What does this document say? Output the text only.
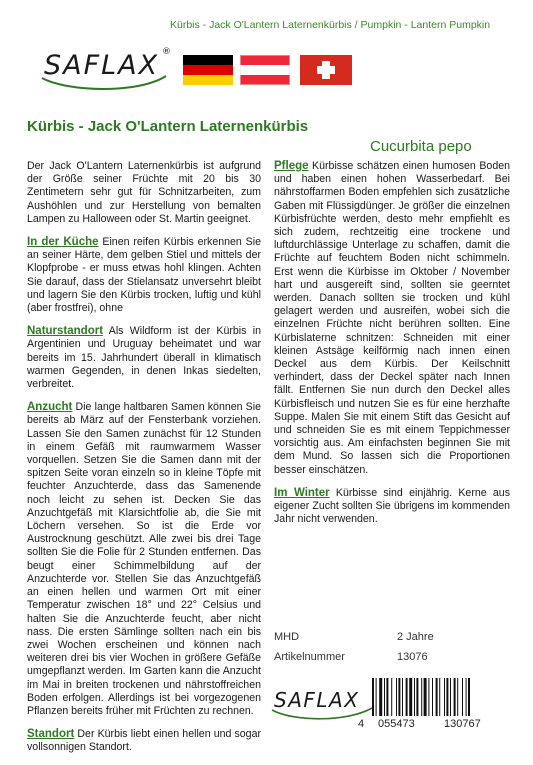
Kürbis - Jack O'Lantern Laternenkürbis / Pumpkin - Lantern Pumpkin
SAFLAX ®
Kürbis - Jack O'Lantern Laternenkürbis
Cucurbita pepo

Der Jack O'Lantern Laternenkürbis ist aufgrund der Größe seiner Früchte mit 20 bis 30 Zentimetern sehr gut für Schnitzarbeiten, zum Aushöhlen und zur Herstellung von bemalten Lampen zu Halloween oder St. Martin geeignet.

In der Küche Einen reifen Kürbis erkennen Sie an seiner Härte, dem gelben Stiel und mittels der Klopfprobe - er muss etwas hohl klingen. Achten Sie darauf, dass der Stielansatz unversehrt bleibt und lagern Sie den Kürbis trocken, luftig und kühl (aber frostfrei), ohne

Naturstandort Als Wildform ist der Kürbis in Argentinien und Uruguay beheimatet und war bereits im 15. Jahrhundert überall in klimatisch warmen Gegenden, in denen Inkas siedelten, verbreitet.

Anzucht Die lange haltbaren Samen können Sie bereits ab März auf der Fensterbank vorziehen. Lassen Sie den Samen zunächst für 12 Stunden in einem Gefäß mit raumwarmem Wasser vorquellen. Setzen Sie die Samen dann mit der spitzen Seite voran einzeln so in kleine Töpfe mit feuchter Anzuchterde, dass das Samenende noch leicht zu sehen ist. Decken Sie das Anzuchtgefäß mit Klarsichtfolie ab, die Sie mit Löchern versehen. So ist die Erde vor Austrocknung geschützt. Alle zwei bis drei Tage sollten Sie die Folie für 2 Stunden entfernen. Das beugt einer Schimmelbildung auf der Anzuchterde vor. Stellen Sie das Anzuchtgefäß an einen hellen und warmen Ort mit einer Temperatur zwischen 18° und 22° Celsius und halten Sie die Anzuchterde feucht, aber nicht nass. Die ersten Sämlinge sollten nach ein bis zwei Wochen erscheinen und können nach weiteren drei bis vier Wochen in größere Gefäße umgepflanzt werden. Im Garten kann die Anzucht im Mai in breiten trockenen und nährstoffreichen Boden erfolgen. Allerdings ist bei vorgezogenen Pflanzen bereits früher mit Früchten zu rechnen.

Standort Der Kürbis liebt einen hellen und sogar vollsonnigen Standort.

Pflege Kürbisse schätzen einen humosen Boden und haben einen hohen Wasserbedarf. Bei nährstoffarmen Boden empfehlen sich zusätzliche Gaben mit Flüssigdünger. Je größer die einzelnen Kürbisfrüchte werden, desto mehr empfiehlt es sich zudem, rechtzeitig eine trockene und luftdurchlässige Unterlage zu schaffen, damit die Früchte auf feuchtem Boden nicht schimmeln. Erst wenn die Kürbisse im Oktober / November hart und ausgereift sind, sollten sie geerntet werden. Danach sollten sie trocken und kühl gelagert werden und ausreifen, wobei sich die einzelnen Früchte nicht berühren sollten. Eine Kürbislaterne schnitzen: Schneiden mit einer kleinen Astsäge keilförmig nach innen einen Deckel aus dem Kürbis. Der Keilschnitt verhindert, dass der Deckel später nach Innen fällt. Entfernen Sie nun durch den Deckel alles Kürbisfleisch und nutzen Sie es für eine herzhafte Suppe. Malen Sie mit einem Stift das Gesicht auf und schneiden Sie es mit einem Teppichmesser vorsichtig aus. Am einfachsten beginnen Sie mit dem Mund. So lassen sich die Proportionen besser einschätzen.

Im Winter Kürbisse sind einjährig. Kerne aus eigener Zucht sollten Sie übrigens im kommenden Jahr nicht verwenden.

MHD	2 Jahre
Artikelnummer	13076
SAFLAX
4 055473	130767
